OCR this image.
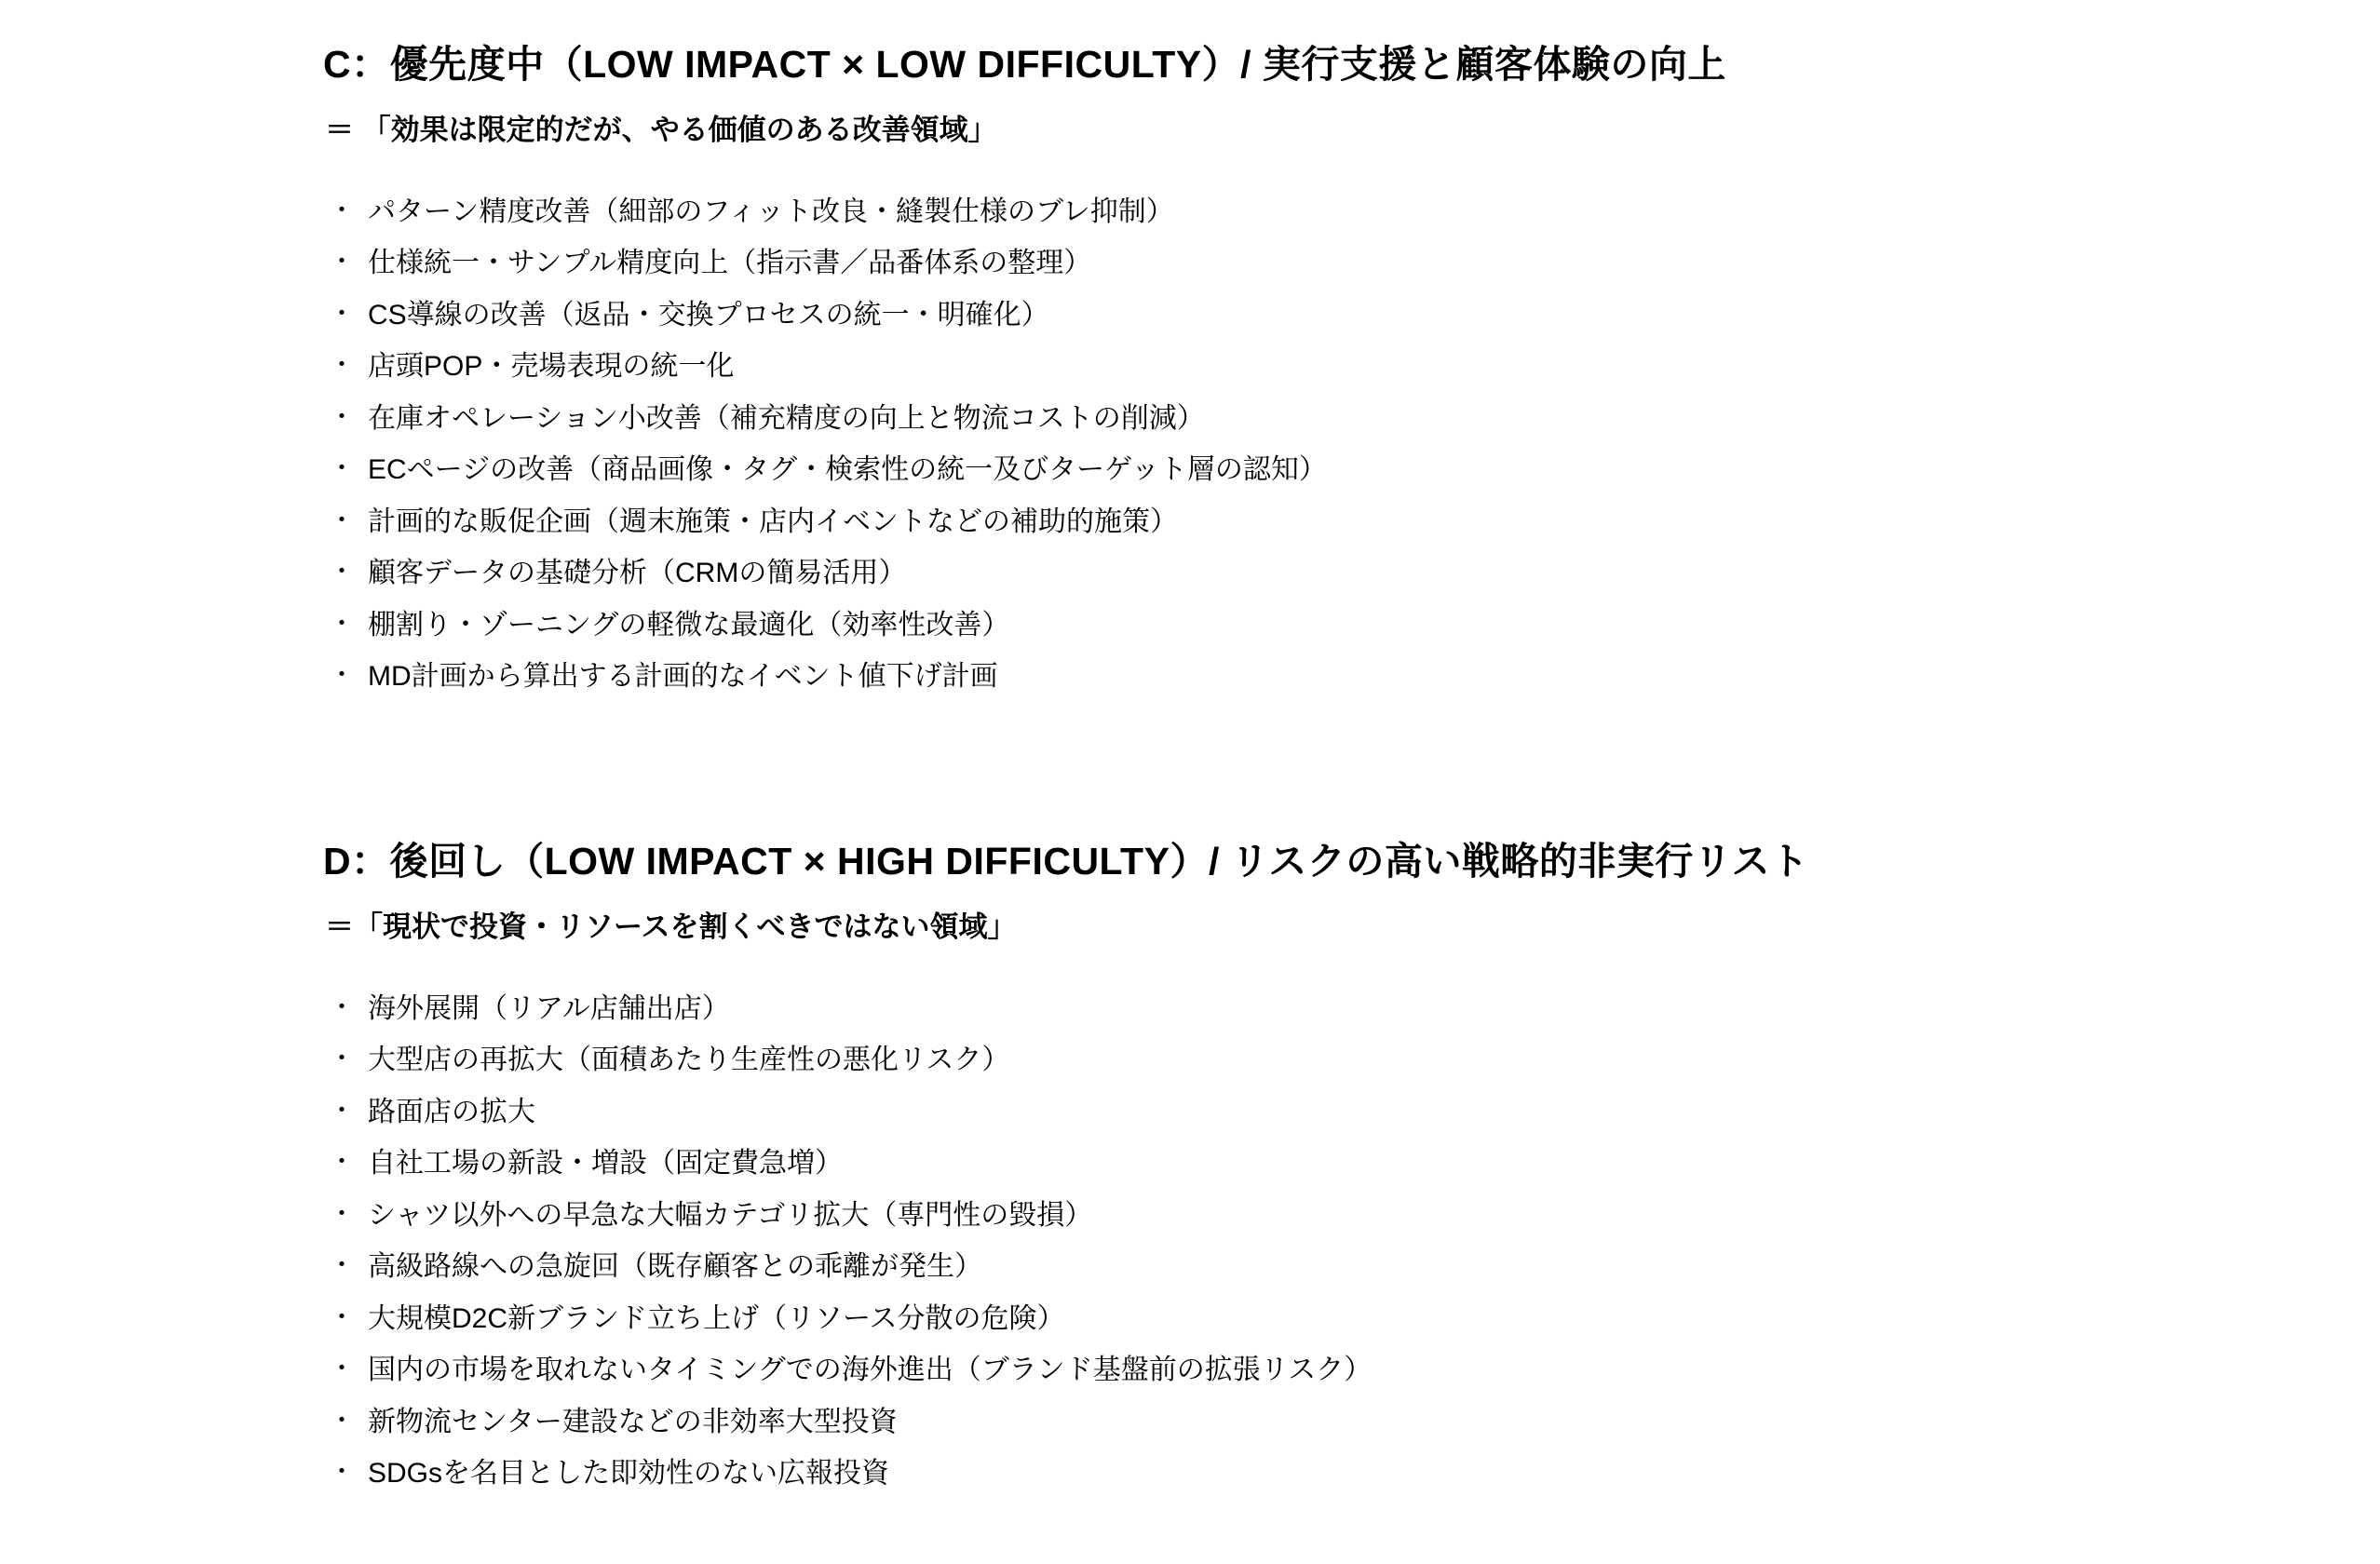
C：優先度中（LOW IMPACT × LOW DIFFICULTY）/ 実行支援と顧客体験の向上
＝ 「効果は限定的だが、やる価値のある改善領域」
・ パターン精度改善（細部のフィット改良・縫製仕様のブレ抑制）
・ 仕様統一・サンプル精度向上（指示書／品番体系の整理）
・ CS導線の改善（返品・交換プロセスの統一・明確化）
・ 店頭POP・売場表現の統一化
・ 在庫オペレーション小改善（補充精度の向上と物流コストの削減）
・ ECページの改善（商品画像・タグ・検索性の統一及びターゲット層の認知）
・ 計画的な販促企画（週末施策・店内イベントなどの補助的施策）
・ 顧客データの基礎分析（CRMの簡易活用）
・ 棚割り・ゾーニングの軽微な最適化（効率性改善）
・ MD計画から算出する計画的なイベント値下げ計画
D：後回し（LOW IMPACT × HIGH DIFFICULTY）/ リスクの高い戦略的非実行リスト
＝「現状で投資・リソースを割くべきではない領域」
・ 海外展開（リアル店舗出店）
・ 大型店の再拡大（面積あたり生産性の悪化リスク）
・ 路面店の拡大
・ 自社工場の新設・増設（固定費急増）
・ シャツ以外への早急な大幅カテゴリ拡大（専門性の毀損）
・ 高級路線への急旋回（既存顧客との乖離が発生）
・ 大規模D2C新ブランド立ち上げ（リソース分散の危険）
・ 国内の市場を取れないタイミングでの海外進出（ブランド基盤前の拡張リスク）
・ 新物流センター建設などの非効率大型投資
・ SDGsを名目とした即効性のない広報投資
